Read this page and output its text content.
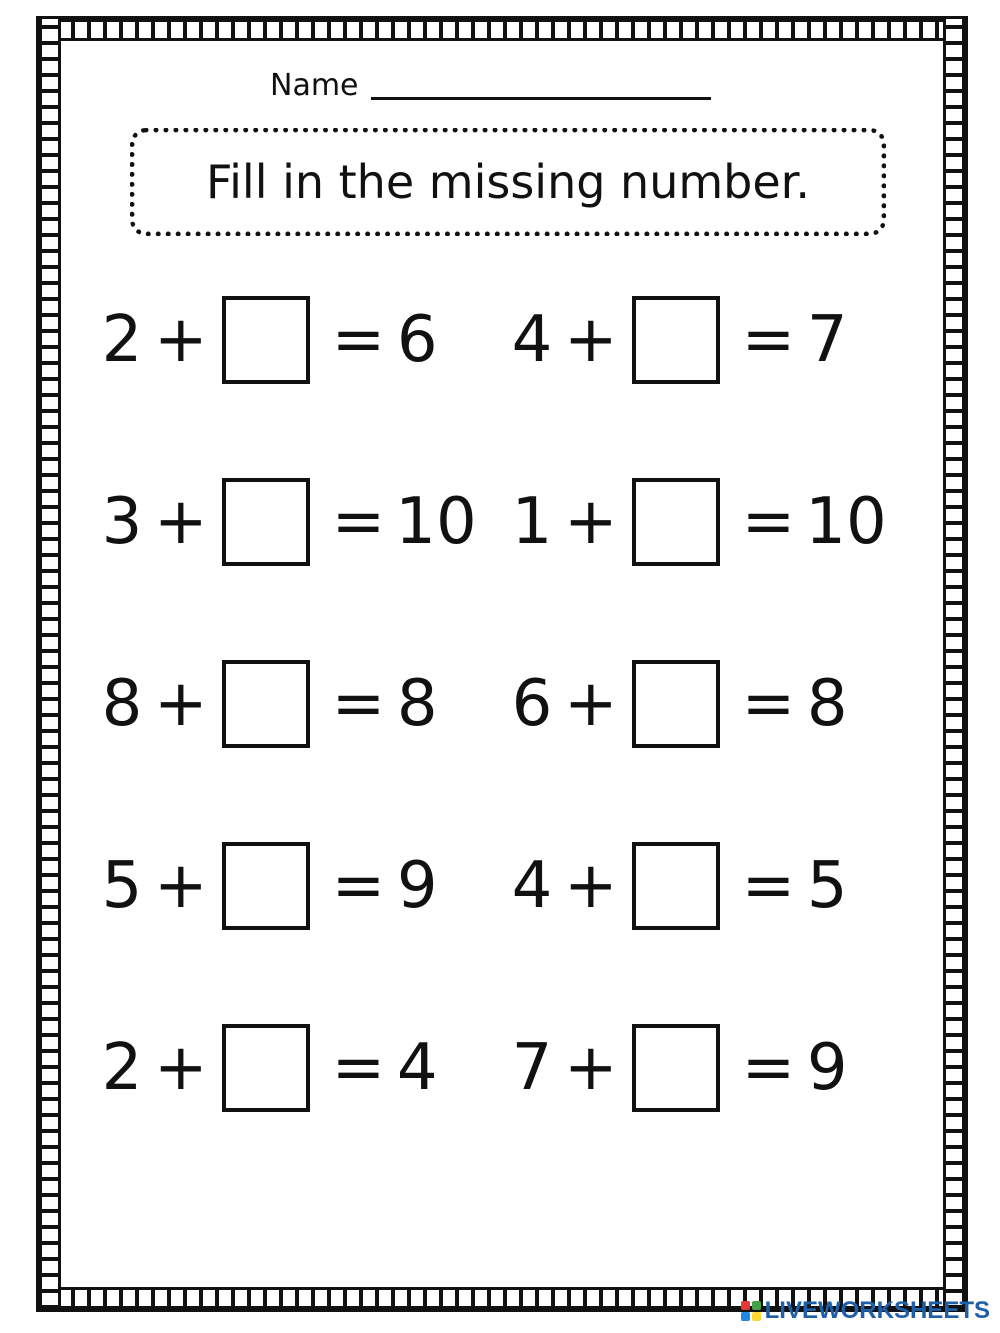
Name
Fill in the missing number.
2 + = 6 4 + = 7
3 + = 10 1 + = 10
8 + = 8 6 + = 8
5 + = 9 4 + = 5
2 + = 4 7 + = 9
LIVEWORKSHEETS
